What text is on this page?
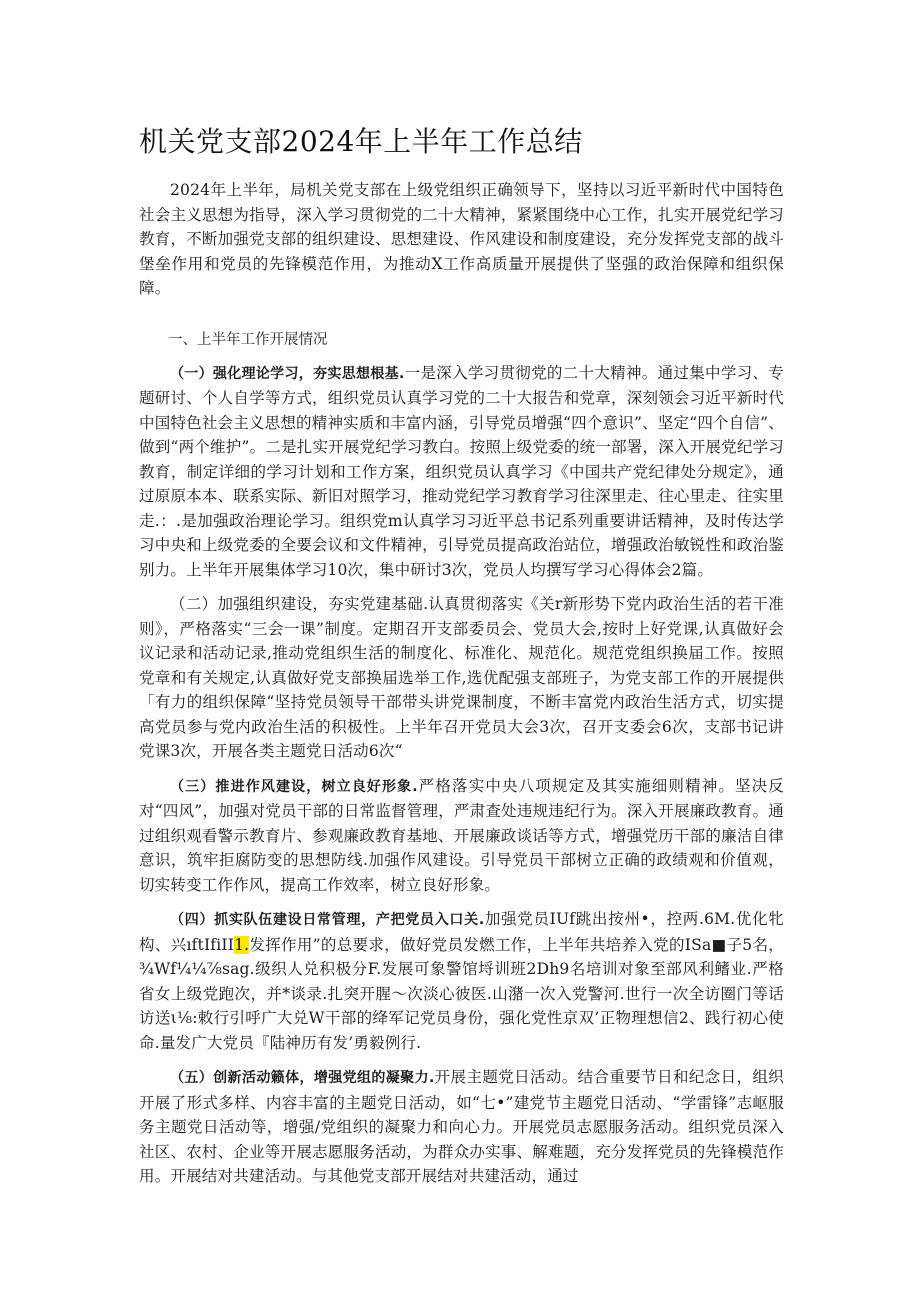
机关党支部2024年上半年工作总结

2024年上半年，局机关党支部在上级党组织正确领导下，坚持以习近平新时代中国特色社会主义思想为指导，深入学习贯彻党的二十大精神，紧紧围绕中心工作，扎实开展党纪学习教育，不断加强党支部的组织建设、思想建设、作风建设和制度建设，充分发挥党支部的战斗堡垒作用和党员的先锋模范作用，为推动X工作高质量开展提供了坚强的政治保障和组织保障。

一、上半年工作开展情况

（一）强化理论学习，夯实思想根基.一是深入学习贯彻党的二十大精神。通过集中学习、专题研讨、个人自学等方式，组织党员认真学习党的二十大报告和党章，深刻领会习近平新时代中国特色社会主义思想的精神实质和丰富内涵，引导党员增强“四个意识”、坚定“四个自信”、做到“两个维护”。二是扎实开展党纪学习教白。按照上级党委的统一部署，深入开展党纪学习教育，制定详细的学习计划和工作方案，组织党员认真学习《中国共产党纪律处分规定》，通过原原本本、联系实际、新旧对照学习，推动党纪学习教育学习往深里走、往心里走、往实里走.：.是加强政治理论学习。组织党m认真学习习近平总书记系列重要讲话精神，及时传达学习中央和上级党委的全要会议和文件精神，引导党员提高政治站位，增强政治敏锐性和政治鉴别力。上半年开展集体学习10次，集中研讨3次，党员人均撰写学习心得体会2篇。

（二）加强组织建设，夯实党建基础.认真贯彻落实《关r新形势下党内政治生活的若干准则》，严格落实“三会一课”制度。定期召开支部委员会、党员大会,按时上好党课,认真做好会议记录和活动记录,推动党组织生活的制度化、标准化、规范化。规范党组织换届工作。按照党章和有关规定,认真做好党支部换届选举工作,选优配强支部班子，为党支部工作的开展提供「有力的组织保障“坚持党员领导干部带头讲党课制度，不断丰富党内政治生活方式，切实提高党员参与党内政治生活的积极性。上半年召开党员大会3次，召开支委会6次，支部书记讲党课3次，开展各类主题党日活动6次“

（三）推进作风建设，树立良好形象.严格落实中央八项规定及其实施细则精神。坚决反对“四风”，加强对党员干部的日常监督管理，严肃查处违规违纪行为。深入开展廉政教育。通过组织观看警示教育片、参观廉政教育基地、开展廉政谈话等方式，增强党历干部的廉洁自律意识，筑牢拒腐防变的思想防线.加强作风建设。引导党员干部树立正确的政绩观和价值观，切实转变工作作风，提高工作效率，树立良好形象。

（四）抓实队伍建设日常管理，产把党员入口关.加强党员IUf跳出按州•，控两.6M.优化牝构、兴ıftIfiII1.发挥作用”的总要求，做好党员发燃工作，上半年共培养入党的ISa■子5名，¾Wf¼¼⅞sag.级织人兑积极分F.发展可象警馆埒训班2Dh9名培训对象至部风利鳍业.严格省女上级党跑次，并*谈录.扎突开腥〜次淡心彼医.山潴一次入党警河.世行一次全访圈门等话访送ι⅛:敕行引呼广大兑W干部的绛军记党员身份，强化党性京双’正物理想信2、践行初心使命.量发广大党员『陆神历有发’勇毅例行.

（五）创新活动籁体，增强党组的凝聚力.开展主题党日活动。结合重要节日和纪念日，组织开展了形式多样、内容丰富的主题党日活动，如“七•”建党节主题党日活动、“学雷锋”志岖服务主题党日活动等，增强/党组织的凝聚力和向心力。开展党员志愿服务活动。组织党员深入社区、农村、企业等开展志愿服务活动，为群众办实事、解难题，充分发挥党员的先锋模范作用。开展结对共建活动。与其他党支部开展结对共建活动，通过
